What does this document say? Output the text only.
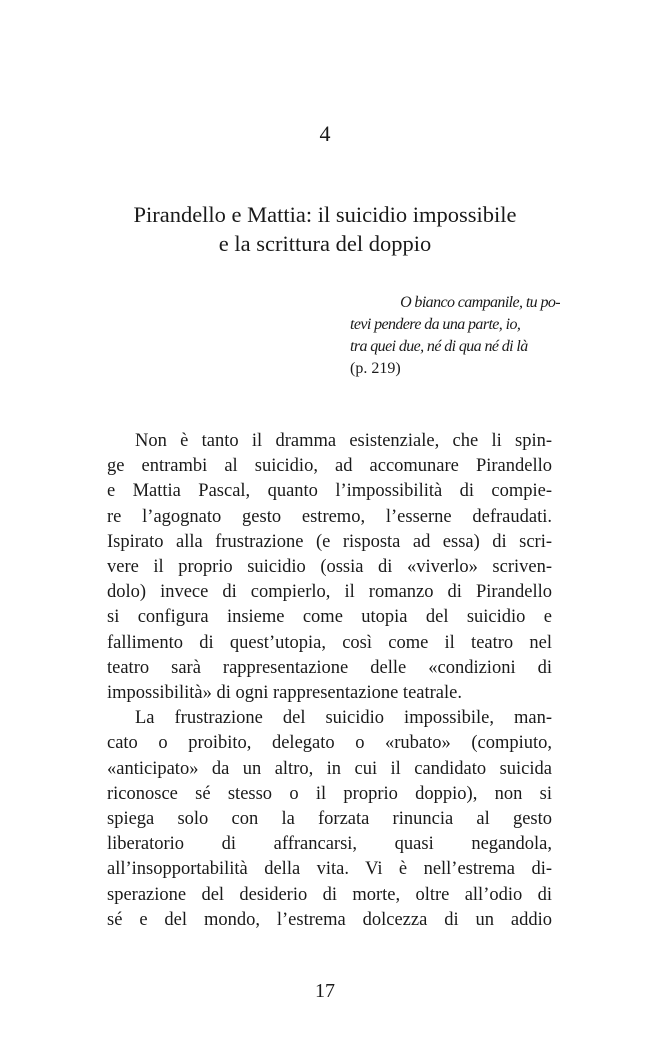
4
Pirandello e Mattia: il suicidio impossibile
e la scrittura del doppio
O bianco campanile, tu po-
tevi pendere da una parte, io,
tra quei due, né di qua né di là
(p. 219)

Non è tanto il dramma esistenziale, che li spin-
ge entrambi al suicidio, ad accomunare Pirandello
e Mattia Pascal, quanto l’impossibilità di compie-
re l’agognato gesto estremo, l’esserne defraudati.
Ispirato alla frustrazione (e risposta ad essa) di scri-
vere il proprio suicidio (ossia di «viverlo» scriven-
dolo) invece di compierlo, il romanzo di Pirandello
si configura insieme come utopia del suicidio e
fallimento di quest’utopia, così come il teatro nel
teatro sarà rappresentazione delle «condizioni di
impossibilità» di ogni rappresentazione teatrale.

La frustrazione del suicidio impossibile, man-
cato o proibito, delegato o «rubato» (compiuto,
«anticipato» da un altro, in cui il candidato suicida
riconosce sé stesso o il proprio doppio), non si
spiega solo con la forzata rinuncia al gesto
liberatorio di affrancarsi, quasi negandola,
all’insopportabilità della vita. Vi è nell’estrema di-
sperazione del desiderio di morte, oltre all’odio di
sé e del mondo, l’estrema dolcezza di un addio

17
